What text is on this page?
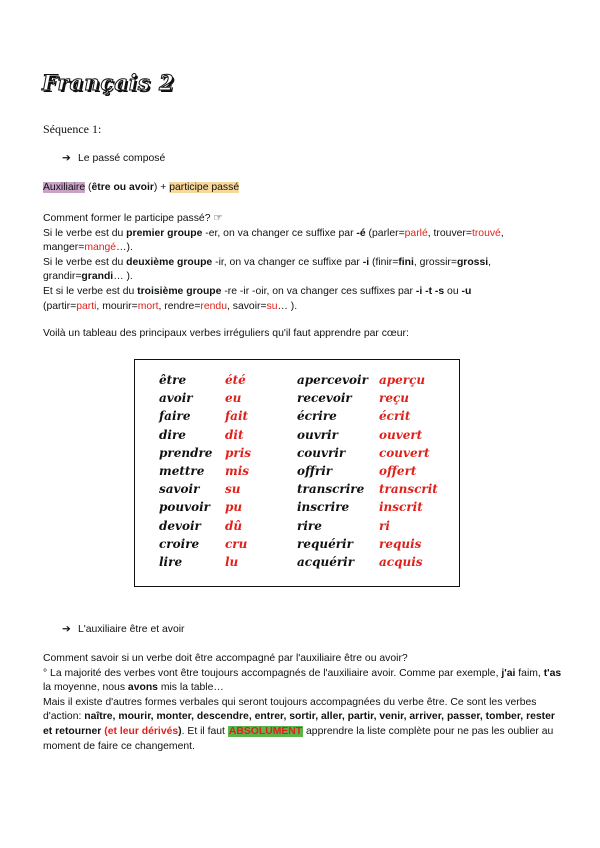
Français 2
Séquence 1:
➔ Le passé composé
Auxiliaire (être ou avoir) + participe passé
Comment former le participe passé? ☞
Si le verbe est du premier groupe -er, on va changer ce suffixe par -é (parler=parlé, trouver=trouvé,
manger=mangé…).
Si le verbe est du deuxième groupe -ir, on va changer ce suffixe par -i (finir=fini, grossir=grossi,
grandir=grandi… ).
Et si le verbe est du troisième groupe -re -ir -oir, on va changer ces suffixes par -i -t -s ou -u
(partir=parti, mourir=mort, rendre=rendu, savoir=su… ).
Voilà un tableau des principaux verbes irréguliers qu'il faut apprendre par cœur:
être
avoir
faire
dire
prendre
mettre
savoir
pouvoir
devoir
croire
lire
été
eu
fait
dit
pris
mis
su
pu
dû
cru
lu
apercevoir
recevoir
écrire
ouvrir
couvrir
offrir
transcrire
inscrire
rire
requérir
acquérir
aperçu
reçu
écrit
ouvert
couvert
offert
transcrit
inscrit
ri
requis
acquis
➔ L'auxiliaire être et avoir
Comment savoir si un verbe doit être accompagné par l'auxiliaire être ou avoir?
° La majorité des verbes vont être toujours accompagnés de l'auxiliaire avoir. Comme par exemple, j'ai faim, t'as la moyenne, nous avons mis la table…
Mais il existe d'autres formes verbales qui seront toujours accompagnées du verbe être. Ce sont les verbes d'action: naître, mourir, monter, descendre, entrer, sortir, aller, partir, venir, arriver, passer, tomber, rester et retourner (et leur dérivés). Et il faut ABSOLUMENT apprendre la liste complète pour ne pas les oublier au moment de faire ce changement.
